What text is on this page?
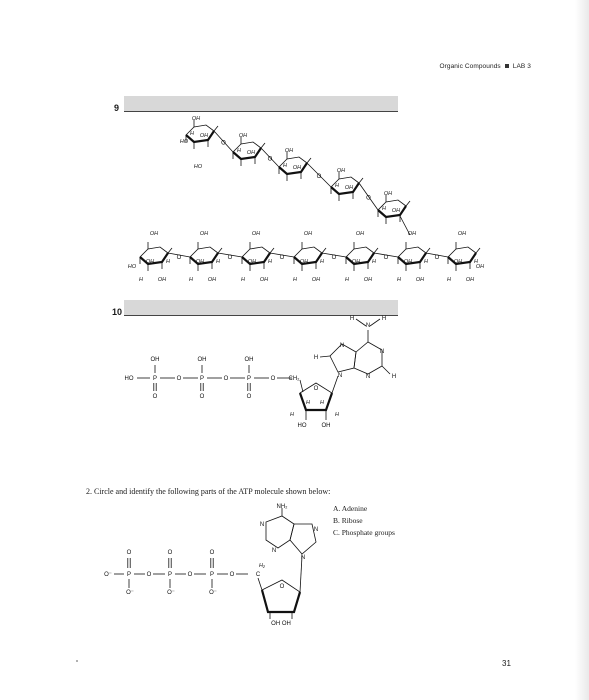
Organic Compounds LAB 3
9
10
OH
H OH
O
OH
H OH
O
OH
H OH
O
OH
H OH
O
OH
H OH
HO
HO
OH
H	OH
OH H
O
OH
H	OH
OH H
O
OH
H	OH
OH H
O
OH
H	OH
OH H
O
OH
H	OH
OH H
O
OH
H	OH
OH H
O
OH
H	OH
OH H
HO	OH
P
OH
O
O	P
OH
O
O	P
OH
O
O
HO	CH₂
O
HO	OH
H	H
H H
N
H	H
N
N
N
N
H
H
P
O
O⁻
O	P
O
O⁻
O	P
O
O⁻
O
O⁻	C
H₂
O
OH OH
NH₂
N
N
N
N
2. Circle and identify the following parts of the ATP molecule shown below:
A. Adenine
B. Ribose
C. Phosphate groups
31
